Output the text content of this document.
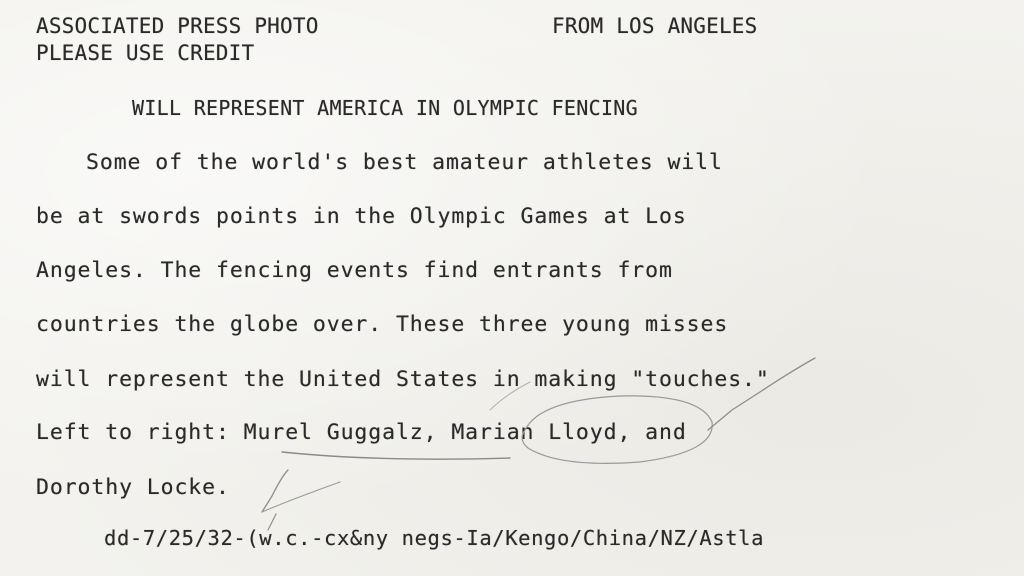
ASSOCIATED PRESS PHOTO
PLEASE USE CREDIT
FROM LOS ANGELES
WILL REPRESENT AMERICA IN OLYMPIC FENCING
Some of the world's best amateur athletes will
be at swords points in the Olympic Games at Los
Angeles. The fencing events find entrants from
countries the globe over. These three young misses
will represent the United States in making "touches."
Left to right: Murel Guggalz, Marian Lloyd, and
Dorothy Locke.
dd-7/25/32-(w.c.-cx&ny negs-Ia/Kengo/China/NZ/Astla
